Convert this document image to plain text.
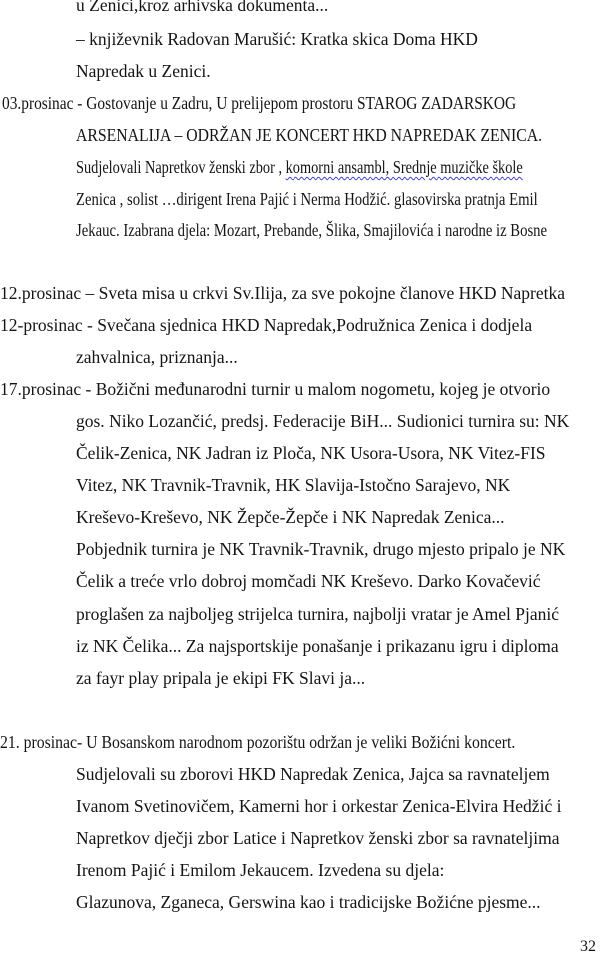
u Zenici,kroz arhivska dokumenta...
– književnik Radovan Marušić: Kratka skica Doma HKD
Napredak u Zenici.
03.prosinac - Gostovanje u Zadru, U prelijepom prostoru STAROG ZADARSKOG
ARSENALIJA – ODRŽAN JE KONCERT HKD NAPREDAK ZENICA.
Sudjelovali Napretkov ženski zbor , komorni ansambl, Srednje muzičke škole
Zenica , solist …dirigent Irena Pajić i Nerma Hodžić. glasovirska pratnja Emil
Jekauc. Izabrana djela: Mozart, Prebande, Šlika, Smajilovića i narodne iz Bosne
12.prosinac – Sveta misa u crkvi Sv.Ilija, za sve pokojne članove HKD Napretka
12-prosinac - Svečana sjednica HKD Napredak,Podružnica Zenica i dodjela
zahvalnica, priznanja...
17.prosinac - Božični međunarodni turnir u malom nogometu, kojeg je otvorio
gos. Niko Lozančić, predsj. Federacije BiH... Sudionici turnira su: NK
Čelik-Zenica, NK Jadran iz Ploča, NK Usora-Usora, NK Vitez-FIS
Vitez, NK Travnik-Travnik, HK Slavija-Istočno Sarajevo, NK
Kreševo-Kreševo, NK Žepče-Žepče i NK Napredak Zenica...
Pobjednik turnira je NK Travnik-Travnik, drugo mjesto pripalo je NK
Čelik a treće vrlo dobroj momčadi NK Kreševo. Darko Kovačević
proglašen za najboljeg strijelca turnira, najbolji vratar je Amel Pjanić
iz NK Čelika... Za najsportskije ponašanje i prikazanu igru i diploma
za fayr play pripala je ekipi FK Slavi ja...
21. prosinac- U Bosanskom narodnom pozorištu održan je veliki Božićni koncert.
Sudjelovali su zborovi HKD Napredak Zenica, Jajca sa ravnateljem
Ivanom Svetinovičem, Kamerni hor i orkestar Zenica-Elvira Hedžić i
Napretkov dječji zbor Latice i Napretkov ženski zbor sa ravnateljima
Irenom Pajić i Emilom Jekaucem. Izvedena su djela:
Glazunova, Zganeca, Gerswina kao i tradicijske Božićne pjesme...
32
